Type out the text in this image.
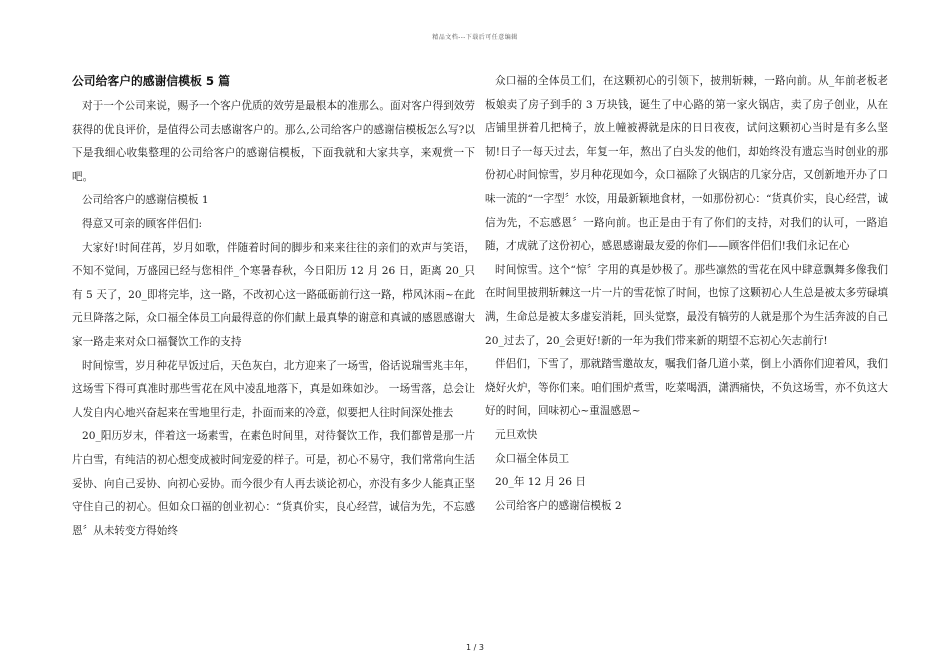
精品文档---下载后可任意编辑

公司给客户的感谢信模板 5 篇

对于一个公司来说，赐予一个客户优质的效劳是最根本的准那么。面对客户得到效劳获得的优良评价，是值得公司去感谢客户的。那么,公司给客户的感谢信模板怎么写?以下是我细心收集整理的公司给客户的感谢信模板，下面我就和大家共享，来观赏一下吧。

公司给客户的感谢信模板 1

得意又可亲的顾客伴侣们:

大家好!时间荏苒，岁月如歌，伴随着时间的脚步和来来往往的亲们的欢声与笑语，不知不觉间，万盛园已经与您相伴_个寒暑春秋，今日阳历 12 月 26 日，距离 20_只有 5 天了，20_即将完毕，这一路，不改初心这一路砥砺前行这一路，栉风沐雨~在此元旦降落之际，众口福全体员工向最得意的你们献上最真挚的谢意和真诚的感恩感谢大家一路走来对众口福餐饮工作的支持

时间惊雪，岁月种花早饭过后，天色灰白，北方迎来了一场雪，俗话说瑞雪兆丰年，这场雪下得可真准时那些雪花在风中凌乱地落下，真是如珠如沙。 一场雪落，总会让人发自内心地兴奋起来在雪地里行走，扑面而来的冷意，似要把人往时间深处推去

20_阳历岁末，伴着这一场素雪，在素色时间里，对待餐饮工作，我们都曾是那一片片白雪，有纯洁的初心想变成被时间宠爱的样子。可是，初心不易守，我们常常向生活妥协、向自己妥协、向初心妥协。而今很少有人再去谈论初心，亦没有多少人能真正坚守住自己的初心。但如众口福的创业初心：“货真价实，良心经营，诚信为先，不忘感恩〞从未转变方得始终

众口福的全体员工们，在这颗初心的引领下，披荆斩棘，一路向前。从_年前老板老板娘卖了房子到手的 3 万块钱，诞生了中心路的第一家火锅店，卖了房子创业，从在店铺里拼着几把椅子，放上幢被褥就是床的日日夜夜，试问这颗初心当时是有多么坚韧!日子一每天过去，年复一年，熬出了白头发的他们，却始终没有遗忘当时创业的那份初心时间惊雪，岁月种花现如今，众口福除了火锅店的几家分店，又创新地开办了口味一流的“一字型〞水饺，用最新颖地食材，一如那份初心：“货真价实，良心经营，诚信为先，不忘感恩〞一路向前。也正是由于有了你们的支持，对我们的认可，一路追随，才成就了这份初心，感恩感谢最友爱的你们——顾客伴侣们!我们永记在心

时间惊雪。这个“惊〞字用的真是妙极了。那些凛然的雪花在风中肆意飘舞多像我们在时间里披荆斩棘这一片一片的雪花惊了时间，也惊了这颗初心人生总是被太多劳碌填满，生命总是被太多虚妄消耗，回头觉察，最没有犒劳的人就是那个为生活奔波的自己 20_过去了，20_会更好!新的一年为我们带来新的期望不忘初心矢志前行!

伴侣们，下雪了，那就踏雪邀故友，嘱我们备几道小菜，倒上小酒你们迎着风，我们烧好火炉，等你们来。咱们围炉煮雪，吃菜喝酒，潇洒痛快，不负这场雪，亦不负这大好的时间，回味初心~重温感恩~

元旦欢快

众口福全体员工

20_年 12 月 26 日

公司给客户的感谢信模板 2

1 / 3
